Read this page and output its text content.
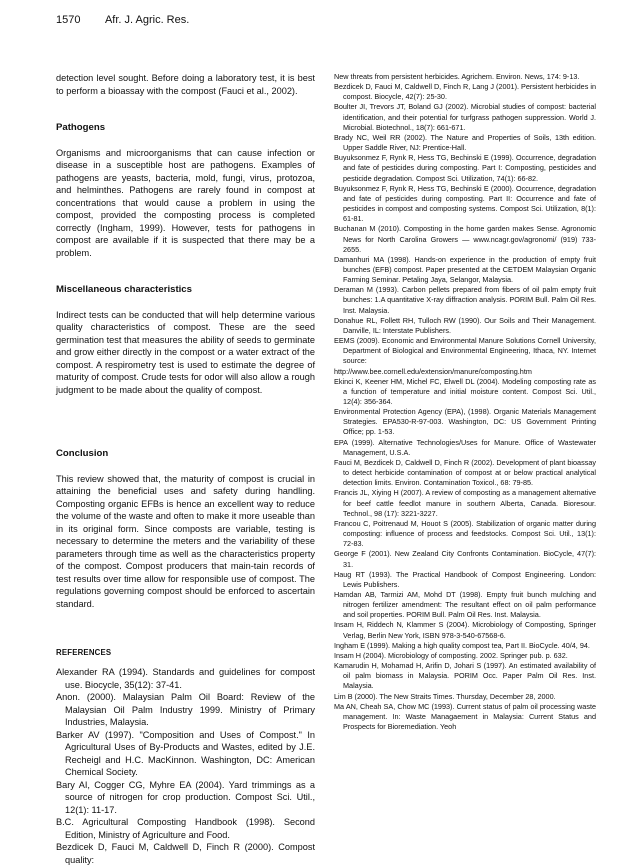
1570 Afr. J. Agric. Res.

detection level sought. Before doing a laboratory test, it is best to perform a bioassay with the compost (Fauci et al., 2002).

Pathogens

Organisms and microorganisms that can cause infection or disease in a susceptible host are pathogens. Examples of pathogens are yeasts, bacteria, mold, fungi, virus, protozoa, and helminthes. Pathogens are rarely found in compost at concentrations that would cause a problem in using the compost, provided the composting process is completed correctly (Ingham, 1999). However, tests for pathogens in compost are available if it is suspected that there may be a problem.

Miscellaneous characteristics

Indirect tests can be conducted that will help determine various quality characteristics of compost. These are the seed germination test that measures the ability of seeds to germinate and grow either directly in the compost or a water extract of the compost. A respirometry test is used to estimate the degree of maturity of compost. Crude tests for odor will also allow a rough judgment to be made about the quality of compost.

Conclusion

This review showed that, the maturity of compost is crucial in attaining the beneficial uses and safety during handling. Composting organic EFBs is hence an excellent way to reduce the volume of the waste and often to make it more useable than in its original form. Since composts are variable, testing is necessary to determine the meters and the variability of these parameters through time as well as the characteristics property of the compost. Compost producers that main-tain records of test results over time allow for responsible use of compost. The regulations governing compost should be enforced to ascertain standard.

REFERENCES

Alexander RA (1994). Standards and guidelines for compost use. Biocycle, 35(12): 37-41.

Anon. (2000). Malaysian Palm Oil Board: Review of the Malaysian Oil Palm Industry 1999. Ministry of Primary Industries, Malaysia.

Barker AV (1997). "Composition and Uses of Compost." In Agricultural Uses of By-Products and Wastes, edited by J.E. Recheigl and H.C. MacKinnon. Washington, DC: American Chemical Society.

Bary AI, Cogger CG, Myhre EA (2004). Yard trimmings as a source of nitrogen for crop production. Compost Sci. Util., 12(1): 11-17.

B.C. Agricultural Composting Handbook (1998). Second Edition, Ministry of Agriculture and Food.

Bezdicek D, Fauci M, Caldwell D, Finch R (2000). Compost quality:

New threats from persistent herbicides. Agrichem. Environ. News, 174: 9-13.

Bezdicek D, Fauci M, Caldwell D, Finch R, Lang J (2001). Persistent herbicides in compost. Biocycle, 42(7): 25-30.

Boulter JI, Trevors JT, Boland GJ (2002). Microbial studies of compost: bacterial identification, and their potential for turfgrass pathogen suppression. World J. Microbial. Biotechnol., 18(7): 661-671.

Brady NC, Weil RR (2002). The Nature and Properties of Soils, 13th edition. Upper Saddle River, NJ: Prentice-Hall.

Buyuksonmez F, Rynk R, Hess TG, Bechinski E (1999). Occurrence, degradation and fate of pesticides during composting. Part I: Composting, pesticides and pesticide degradation. Compost Sci. Utilization, 74(1): 66-82.

Buyuksonmez F, Rynk R, Hess TG, Bechinski E (2000). Occurrence, degradation and fate of pesticides during composting. Part II: Occurrence and fate of pesticides in compost and composting systems. Compost Sci. Utilization, 8(1): 61-81.

Buchanan M (2010). Composting in the home garden makes Sense. Agronomic News for North Carolina Growers — www.ncagr.gov/agronomi/ (919) 733-2655.

Damanhuri MA (1998). Hands-on experience in the production of empty fruit bunches (EFB) compost. Paper presented at the CETDEM Malaysian Organic Farming Seminar. Petaling Jaya, Selangor, Malaysia.

Deraman M (1993). Carbon pellets prepared from fibers of oil palm empty fruit bunches: 1.A quantitative X-ray diffraction analysis. PORIM Bull. Palm Oil Res. Inst. Malaysia.

Donahue RL, Follett RH, Tulloch RW (1990). Our Soils and Their Management. Danville, IL: Interstate Publishers.

EEMS (2009). Economic and Environmental Manure Solutions Cornell University, Department of Biological and Environmental Engineering, Ithaca, NY. Internet source:

http://www.bee.cornell.edu/extension/manure/composting.htm

Ekinci K, Keener HM, Michel FC, Elwell DL (2004). Modeling composting rate as a function of temperature and initial moisture content. Compost Sci. Util., 12(4): 356-364.

Environmental Protection Agency (EPA), (1998). Organic Materials Management Strategies. EPA530-R-97-003. Washington, DC: US Government Printing Office; pp. 1-53.

EPA (1999). Alternative Technologies/Uses for Manure. Office of Wastewater Management, U.S.A.

Fauci M, Bezdicek D, Caldwell D, Finch R (2002). Development of plant bioassay to detect herbicide contamination of compost at or below practical analytical detection limits. Environ. Contamination Toxicol., 68: 79-85.

Francis JL, Xiying H (2007). A review of composting as a management alternative for beef cattle feedlot manure in southern Alberta, Canada. Bioresour. Technol., 98 (17): 3221-3227.

Francou C, Poitrenaud M, Houot S (2005). Stabilization of organic matter during composting: influence of process and feedstocks. Compost Sci. Util., 13(1): 72-83.

George F (2001). New Zealand City Confronts Contamination. BioCycle, 47(7): 31.

Haug RT (1993). The Practical Handbook of Compost Engineering. London: Lewis Publishers.

Hamdan AB, Tarmizi AM, Mohd DT (1998). Empty fruit bunch mulching and nitrogen fertilizer amendment: The resultant effect on oil palm performance and soil properties. PORIM Bull. Palm Oil Res. Inst. Malaysia.

Insam H, Riddech N, Klammer S (2004). Microbiology of Composting, Springer Verlag, Berlin New York, ISBN 978-3-540-67568-6.

Ingham E (1999). Making a high quality compost tea, Part II. BioCycle. 40/4, 94.

Insam H (2004). Microbiology of composting. 2002. Springer pub. p. 632.

Kamarudin H, Mohamad H, Arifin D, Johari S (1997). An estimated availability of oil palm biomass in Malaysia. PORIM Occ. Paper Palm Oil Res. Inst. Malaysia.

Lim B (2000). The New Straits Times. Thursday, December 28, 2000.

Ma AN, Cheah SA, Chow MC (1993). Current status of palm oil processing waste management. In: Waste Managaement in Malaysia: Current Status and Prospects for Bioremediation. Yeoh
